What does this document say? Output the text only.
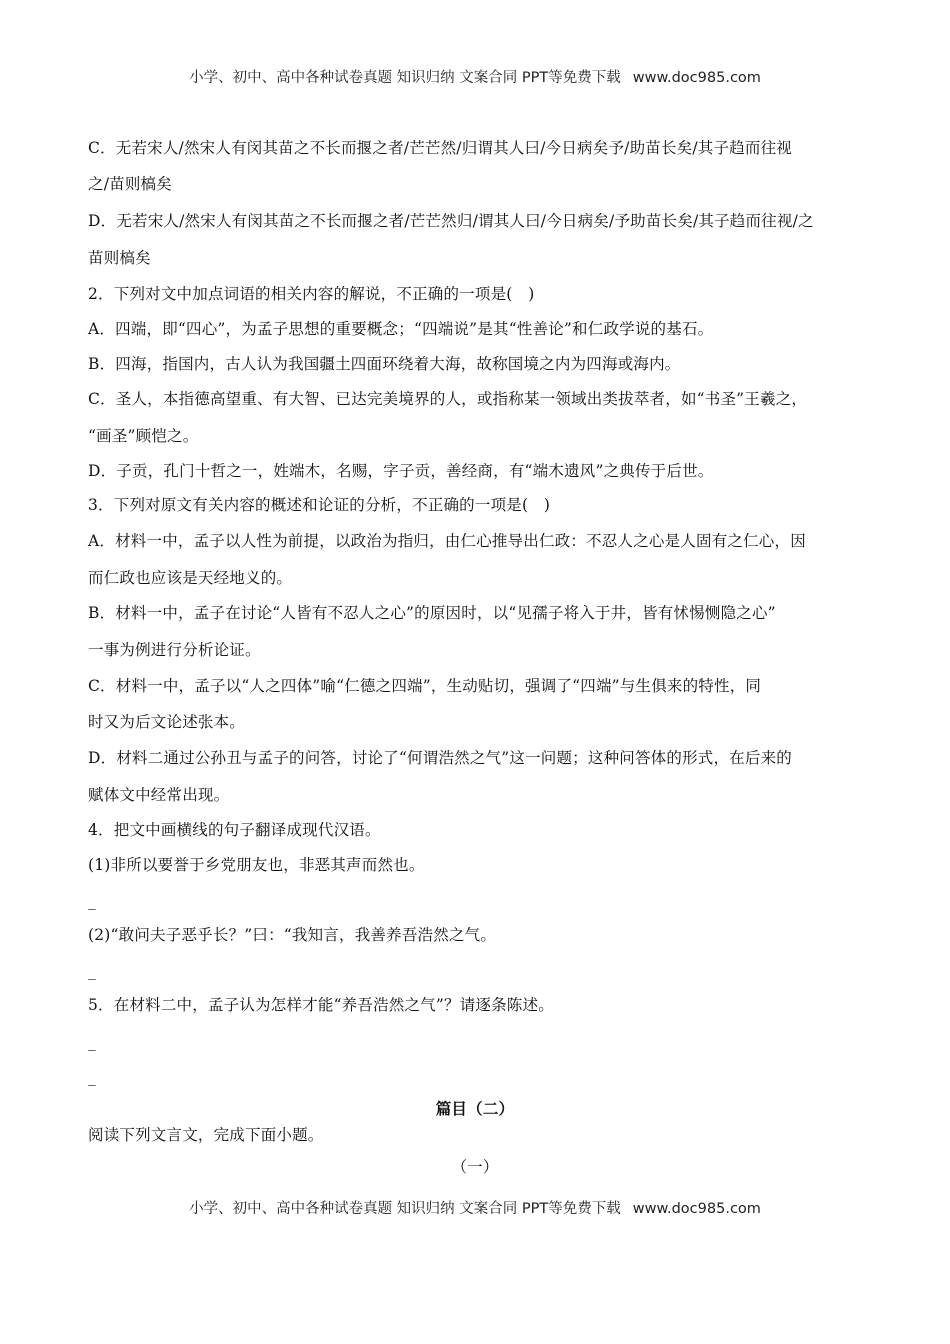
小学、初中、高中各种试卷真题 知识归纳 文案合同 PPT等免费下载 www.doc985.com
C．无若宋人/然宋人有闵其苗之不长而揠之者/芒芒然/归谓其人曰/今日病矣予/助苗长矣/其子趋而往视
之/苗则槁矣
D．无若宋人/然宋人有闵其苗之不长而揠之者/芒芒然归/谓其人曰/今日病矣/予助苗长矣/其子趋而往视/之
苗则槁矣
2．下列对文中加点词语的相关内容的解说，不正确的一项是(　)
A．四端，即“四心”，为孟子思想的重要概念；“四端说”是其“性善论”和仁政学说的基石。
B．四海，指国内，古人认为我国疆土四面环绕着大海，故称国境之内为四海或海内。
C．圣人，本指德高望重、有大智、已达完美境界的人，或指称某一领域出类拔萃者，如“书圣”王羲之，
“画圣”顾恺之。
D．子贡，孔门十哲之一，姓端木，名赐，字子贡，善经商，有“端木遗风”之典传于后世。
3．下列对原文有关内容的概述和论证的分析，不正确的一项是(　)
A．材料一中，孟子以人性为前提，以政治为指归，由仁心推导出仁政：不忍人之心是人固有之仁心，因
而仁政也应该是天经地义的。
B．材料一中，孟子在讨论“人皆有不忍人之心”的原因时，以“见孺子将入于井，皆有怵惕恻隐之心”
一事为例进行分析论证。
C．材料一中，孟子以“人之四体”喻“仁德之四端”，生动贴切，强调了“四端”与生俱来的特性，同
时又为后文论述张本。
D．材料二通过公孙丑与孟子的问答，讨论了“何谓浩然之气”这一问题；这种问答体的形式，在后来的
赋体文中经常出现。
4．把文中画横线的句子翻译成现代汉语。
(1)非所以要誉于乡党朋友也，非恶其声而然也。
_
(2)“敢问夫子恶乎长？”曰：“我知言，我善养吾浩然之气。
_
5．在材料二中，孟子认为怎样才能“养吾浩然之气”？请逐条陈述。
_
_
篇目（二）
阅读下列文言文，完成下面小题。
（一）
小学、初中、高中各种试卷真题 知识归纳 文案合同 PPT等免费下载 www.doc985.com
